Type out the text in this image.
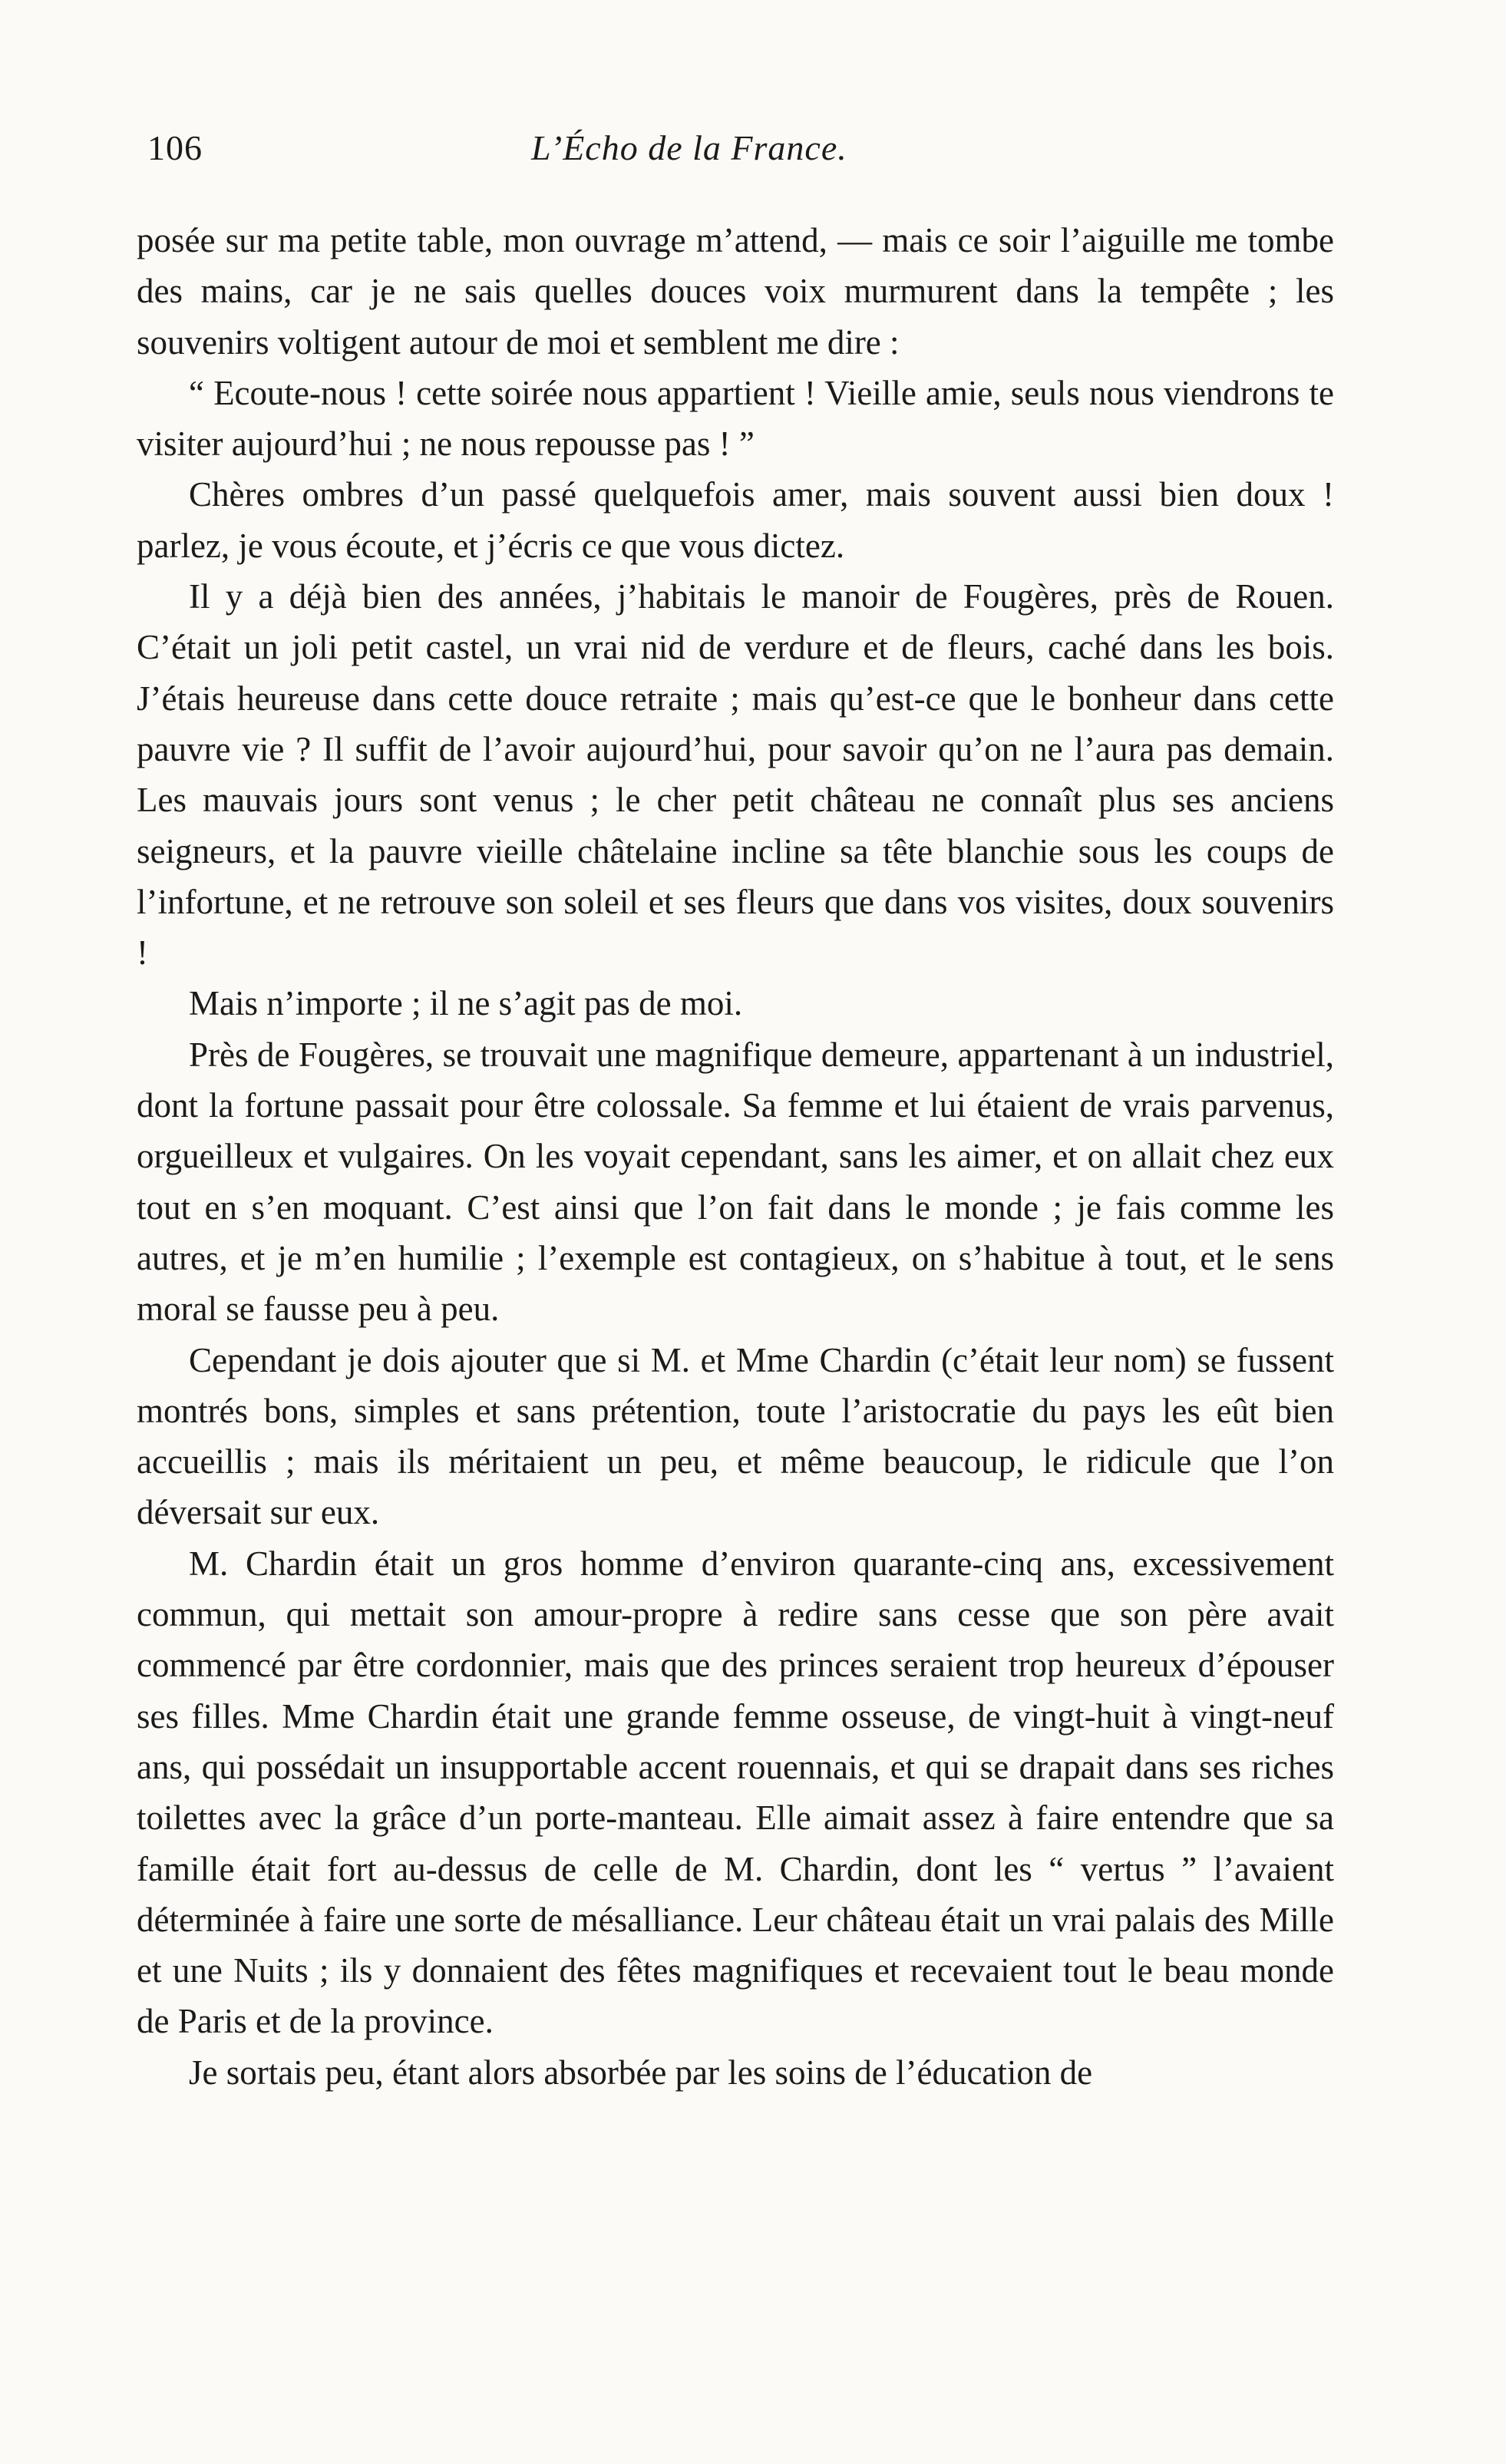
106	L’Écho de la France.

posée sur ma petite table, mon ouvrage m’attend, — mais ce soir l’aiguille me tombe des mains, car je ne sais quelles douces voix murmurent dans la tempête ; les souvenirs voltigent autour de moi et semblent me dire :

“ Ecoute-nous ! cette soirée nous appartient ! Vieille amie, seuls nous viendrons te visiter aujourd’hui ; ne nous repousse pas ! ”

Chères ombres d’un passé quelquefois amer, mais souvent aussi bien doux ! parlez, je vous écoute, et j’écris ce que vous dictez.

Il y a déjà bien des années, j’habitais le manoir de Fougères, près de Rouen. C’était un joli petit castel, un vrai nid de verdure et de fleurs, caché dans les bois. J’étais heureuse dans cette douce retraite ; mais qu’est-ce que le bonheur dans cette pauvre vie ? Il suffit de l’avoir aujourd’hui, pour savoir qu’on ne l’aura pas demain. Les mauvais jours sont venus ; le cher petit château ne connaît plus ses anciens seigneurs, et la pauvre vieille châtelaine incline sa tête blanchie sous les coups de l’infortune, et ne retrouve son soleil et ses fleurs que dans vos visites, doux souvenirs !

Mais n’importe ; il ne s’agit pas de moi.

Près de Fougères, se trouvait une magnifique demeure, appartenant à un industriel, dont la fortune passait pour être colossale. Sa femme et lui étaient de vrais parvenus, orgueilleux et vulgaires. On les voyait cependant, sans les aimer, et on allait chez eux tout en s’en moquant. C’est ainsi que l’on fait dans le monde ; je fais comme les autres, et je m’en humilie ; l’exemple est contagieux, on s’habitue à tout, et le sens moral se fausse peu à peu.

Cependant je dois ajouter que si M. et Mme Chardin (c’était leur nom) se fussent montrés bons, simples et sans prétention, toute l’aristocratie du pays les eût bien accueillis ; mais ils méritaient un peu, et même beaucoup, le ridicule que l’on déversait sur eux.

M. Chardin était un gros homme d’environ quarante-cinq ans, excessivement commun, qui mettait son amour-propre à redire sans cesse que son père avait commencé par être cordonnier, mais que des princes seraient trop heureux d’épouser ses filles. Mme Chardin était une grande femme osseuse, de vingt-huit à vingt-neuf ans, qui possédait un insupportable accent rouennais, et qui se drapait dans ses riches toilettes avec la grâce d’un porte-manteau. Elle aimait assez à faire entendre que sa famille était fort au-dessus de celle de M. Chardin, dont les “ vertus ” l’avaient déterminée à faire une sorte de mésalliance. Leur château était un vrai palais des Mille et une Nuits ; ils y donnaient des fêtes magnifiques et recevaient tout le beau monde de Paris et de la province.

Je sortais peu, étant alors absorbée par les soins de l’éducation de
